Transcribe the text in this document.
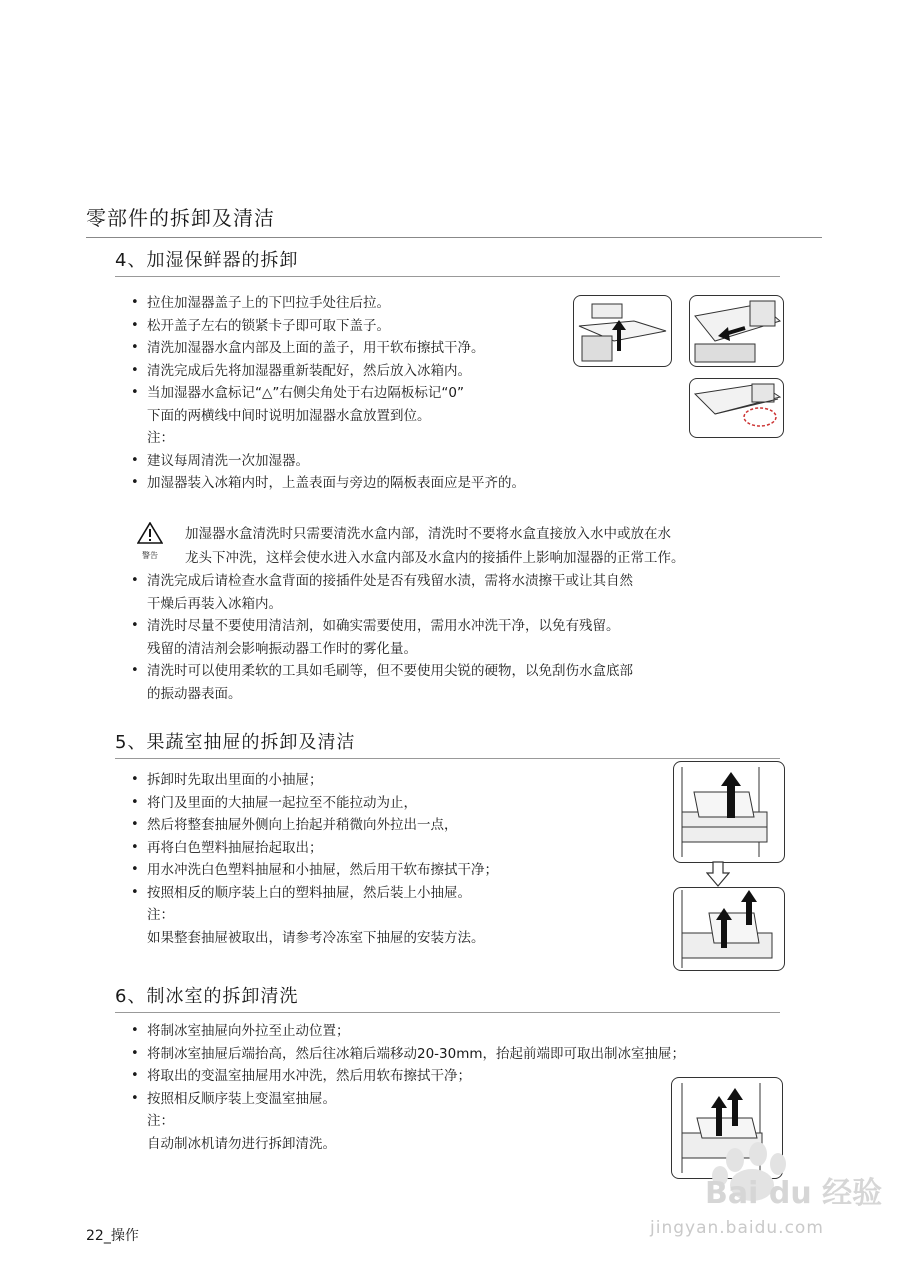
零部件的拆卸及清洁
4、加湿保鲜器的拆卸
• 拉住加湿器盖子上的下凹拉手处往后拉。
• 松开盖子左右的锁紧卡子即可取下盖子。
• 清洗加湿器水盒内部及上面的盖子，用干软布擦拭干净。
• 清洗完成后先将加湿器重新装配好，然后放入冰箱内。
• 当加湿器水盒标记“△”右侧尖角处于右边隔板标记“0”
下面的两横线中间时说明加湿器水盒放置到位。
注：
• 建议每周清洗一次加湿器。
• 加湿器装入冰箱内时，上盖表面与旁边的隔板表面应是平齐的。
警告
加湿器水盒清洗时只需要清洗水盒内部，清洗时不要将水盒直接放入水中或放在水
龙头下冲洗，这样会使水进入水盒内部及水盒内的接插件上影响加湿器的正常工作。
• 清洗完成后请检查水盒背面的接插件处是否有残留水渍，需将水渍擦干或让其自然
干燥后再装入冰箱内。
• 清洗时尽量不要使用清洁剂，如确实需要使用，需用水冲洗干净，以免有残留。
残留的清洁剂会影响振动器工作时的雾化量。
• 清洗时可以使用柔软的工具如毛刷等，但不要使用尖锐的硬物，以免刮伤水盒底部
的振动器表面。
5、果蔬室抽屉的拆卸及清洁
• 拆卸时先取出里面的小抽屉；
• 将门及里面的大抽屉一起拉至不能拉动为止，
• 然后将整套抽屉外侧向上抬起并稍微向外拉出一点，
• 再将白色塑料抽屉抬起取出；
• 用水冲洗白色塑料抽屉和小抽屉，然后用干软布擦拭干净；
• 按照相反的顺序装上白的塑料抽屉，然后装上小抽屉。
注：
如果整套抽屉被取出，请参考冷冻室下抽屉的安装方法。
6、制冰室的拆卸清洗
• 将制冰室抽屉向外拉至止动位置；
• 将制冰室抽屉后端抬高，然后往冰箱后端移动20-30mm，抬起前端即可取出制冰室抽屉；
• 将取出的变温室抽屉用水冲洗，然后用软布擦拭干净；
• 按照相反顺序装上变温室抽屉。
注：
自动制冰机请勿进行拆卸清洗。
Bai du 经验
jingyan.baidu.com
22_操作
